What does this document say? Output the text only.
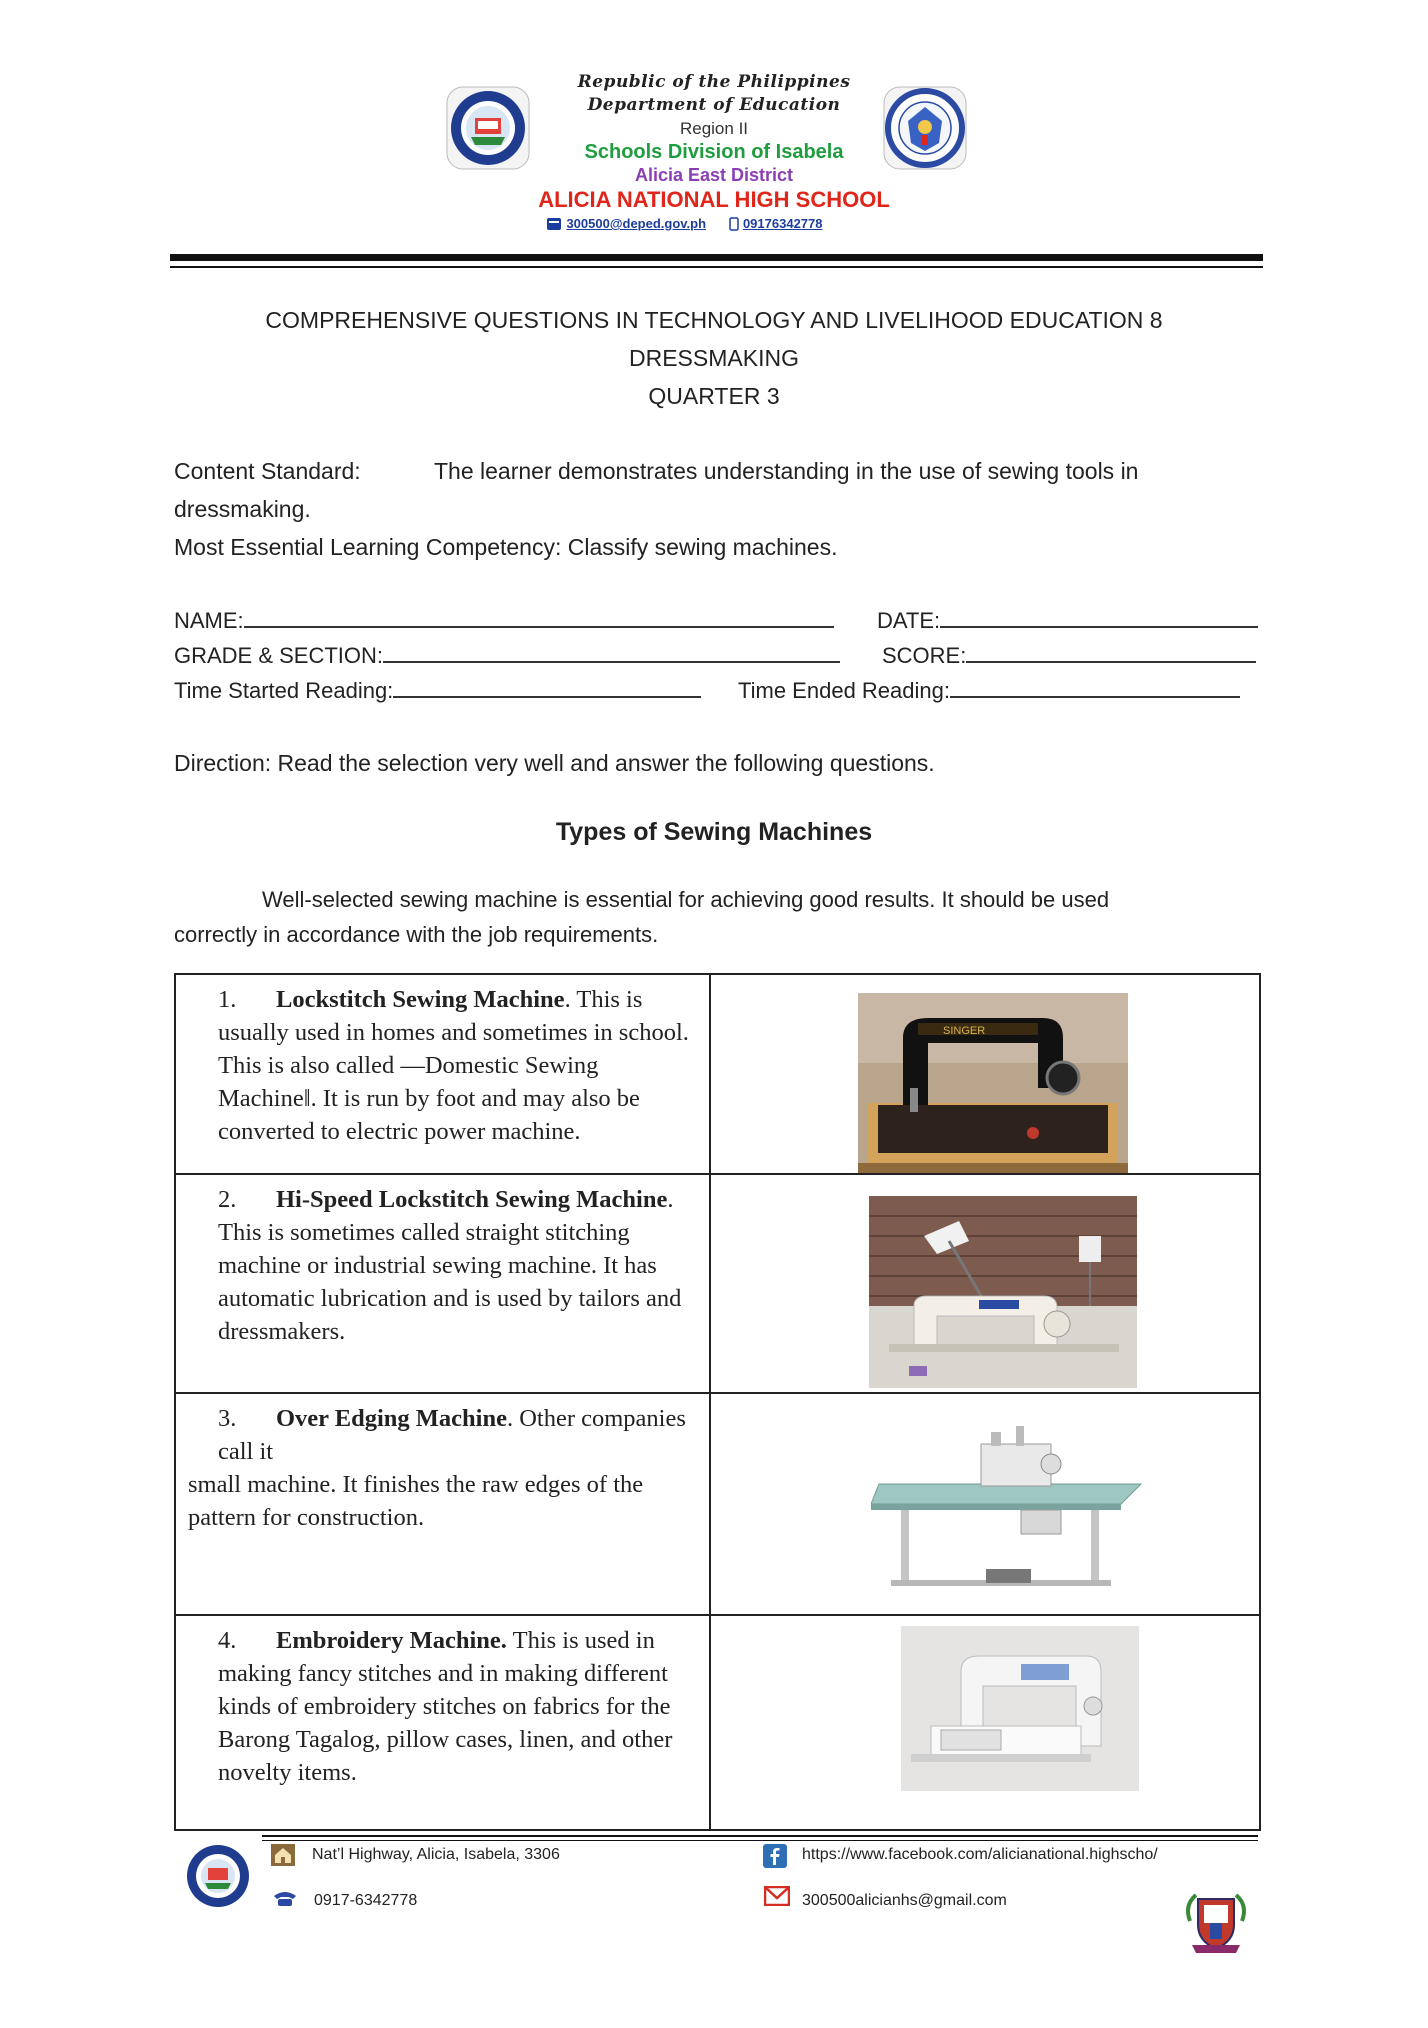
Republic of the Philippines
Department of Education
Region II
Schools Division of Isabela
Alicia East District
ALICIA NATIONAL HIGH SCHOOL
300500@deped.gov.ph	09176342778
COMPREHENSIVE QUESTIONS IN TECHNOLOGY AND LIVELIHOOD EDUCATION 8
DRESSMAKING
QUARTER 3
Content Standard:	The learner demonstrates understanding in the use of sewing tools in
dressmaking.
Most Essential Learning Competency: Classify sewing machines.
NAME:	DATE:
GRADE & SECTION:	SCORE:
Time Started Reading:	Time Ended Reading:
Direction: Read the selection very well and answer the following questions.
Types of Sewing Machines
Well-selected sewing machine is essential for achieving good results. It should be used
correctly in accordance with the job requirements.
1. Lockstitch Sewing Machine. This is usually used in homes and sometimes in school. This is also called —Domestic Sewing Machine‖. It is run by foot and may also be converted to electric power machine.	SINGER

2. Hi-Speed Lockstitch Sewing Machine. This is sometimes called straight stitching machine or industrial sewing machine. It has automatic lubrication and is used by tailors and dressmakers.	

3. Over Edging Machine. Other companies call it
small machine. It finishes the raw edges of the pattern for construction.

4. Embroidery Machine. This is used in making fancy stitches and in making different kinds of embroidery stitches on fabrics for the Barong Tagalog, pillow cases, linen, and other novelty items.	
Nat’l Highway, Alicia, Isabela, 3306
0917-6342778
https://www.facebook.com/alicianational.highscho/
300500alicianhs@gmail.com
